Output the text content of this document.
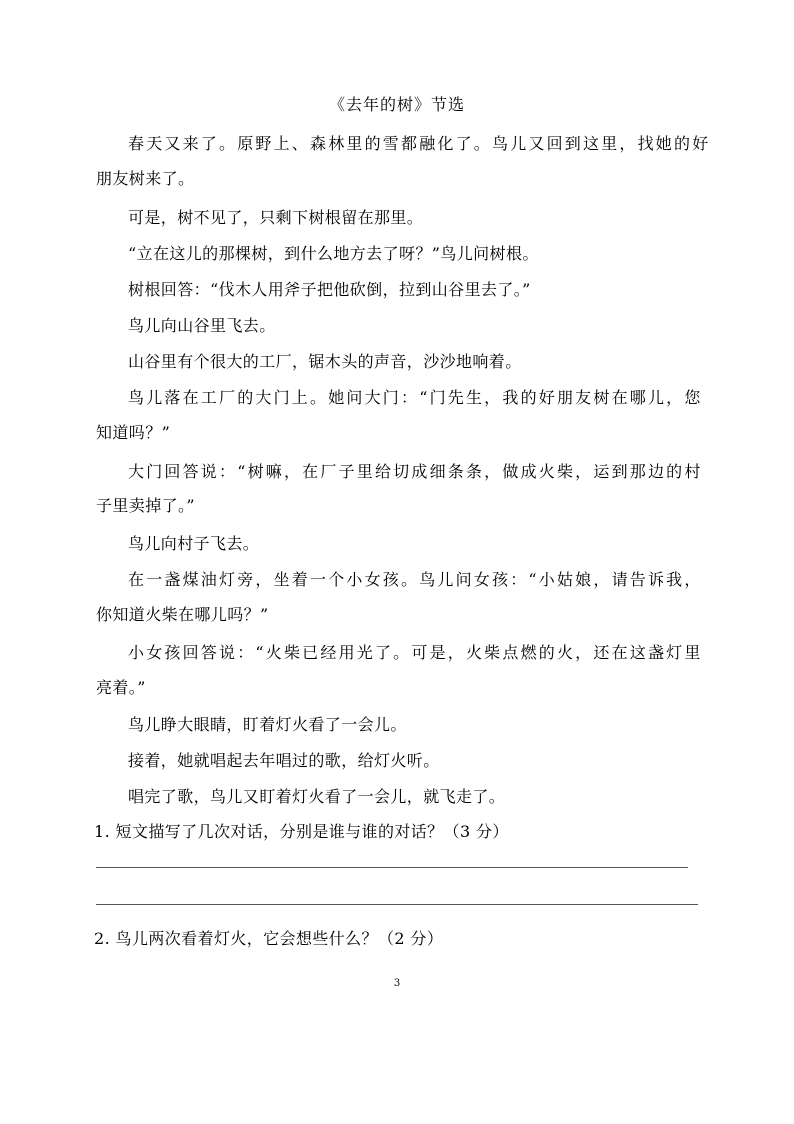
《去年的树》节选
春天又来了。原野上、森林里的雪都融化了。鸟儿又回到这里，找她的好
朋友树来了。
可是，树不见了，只剩下树根留在那里。
“立在这儿的那棵树，到什么地方去了呀？”鸟儿问树根。
树根回答：“伐木人用斧子把他砍倒，拉到山谷里去了。”
鸟儿向山谷里飞去。
山谷里有个很大的工厂，锯木头的声音，沙沙地响着。
鸟儿落在工厂的大门上。她问大门：“门先生，我的好朋友树在哪儿，您
知道吗？”
大门回答说：“树嘛，在厂子里给切成细条条，做成火柴，运到那边的村
子里卖掉了。”
鸟儿向村子飞去。
在一盏煤油灯旁，坐着一个小女孩。鸟儿问女孩：“小姑娘，请告诉我，
你知道火柴在哪儿吗？”
小女孩回答说：“火柴已经用光了。可是，火柴点燃的火，还在这盏灯里
亮着。”
鸟儿睁大眼睛，盯着灯火看了一会儿。
接着，她就唱起去年唱过的歌，给灯火听。
唱完了歌，鸟儿又盯着灯火看了一会儿，就飞走了。
1. 短文描写了几次对话，分别是谁与谁的对话？（3 分）
2. 鸟儿两次看着灯火，它会想些什么？（2 分）
3
